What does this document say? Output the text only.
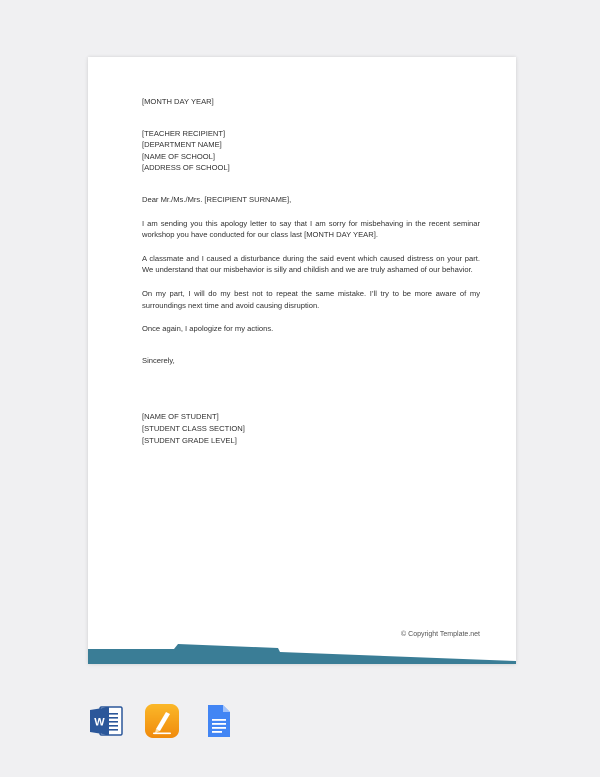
[MONTH DAY YEAR]
[TEACHER RECIPIENT]
[DEPARTMENT NAME]
[NAME OF SCHOOL]
[ADDRESS OF SCHOOL]
Dear Mr./Ms./Mrs. [RECIPIENT SURNAME],

I am sending you this apology letter to say that I am sorry for misbehaving in the recent seminar workshop you have conducted for our class last [MONTH DAY YEAR].

A classmate and I caused a disturbance during the said event which caused distress on your part. We understand that our misbehavior is silly and childish and we are truly ashamed of our behavior.

On my part, I will do my best not to repeat the same mistake. I’ll try to be more aware of my surroundings next time and avoid causing disruption.

Once again, I apologize for my actions.

Sincerely,
[NAME OF STUDENT]
[STUDENT CLASS SECTION]
[STUDENT GRADE LEVEL]
© Copyright Template.net
W
